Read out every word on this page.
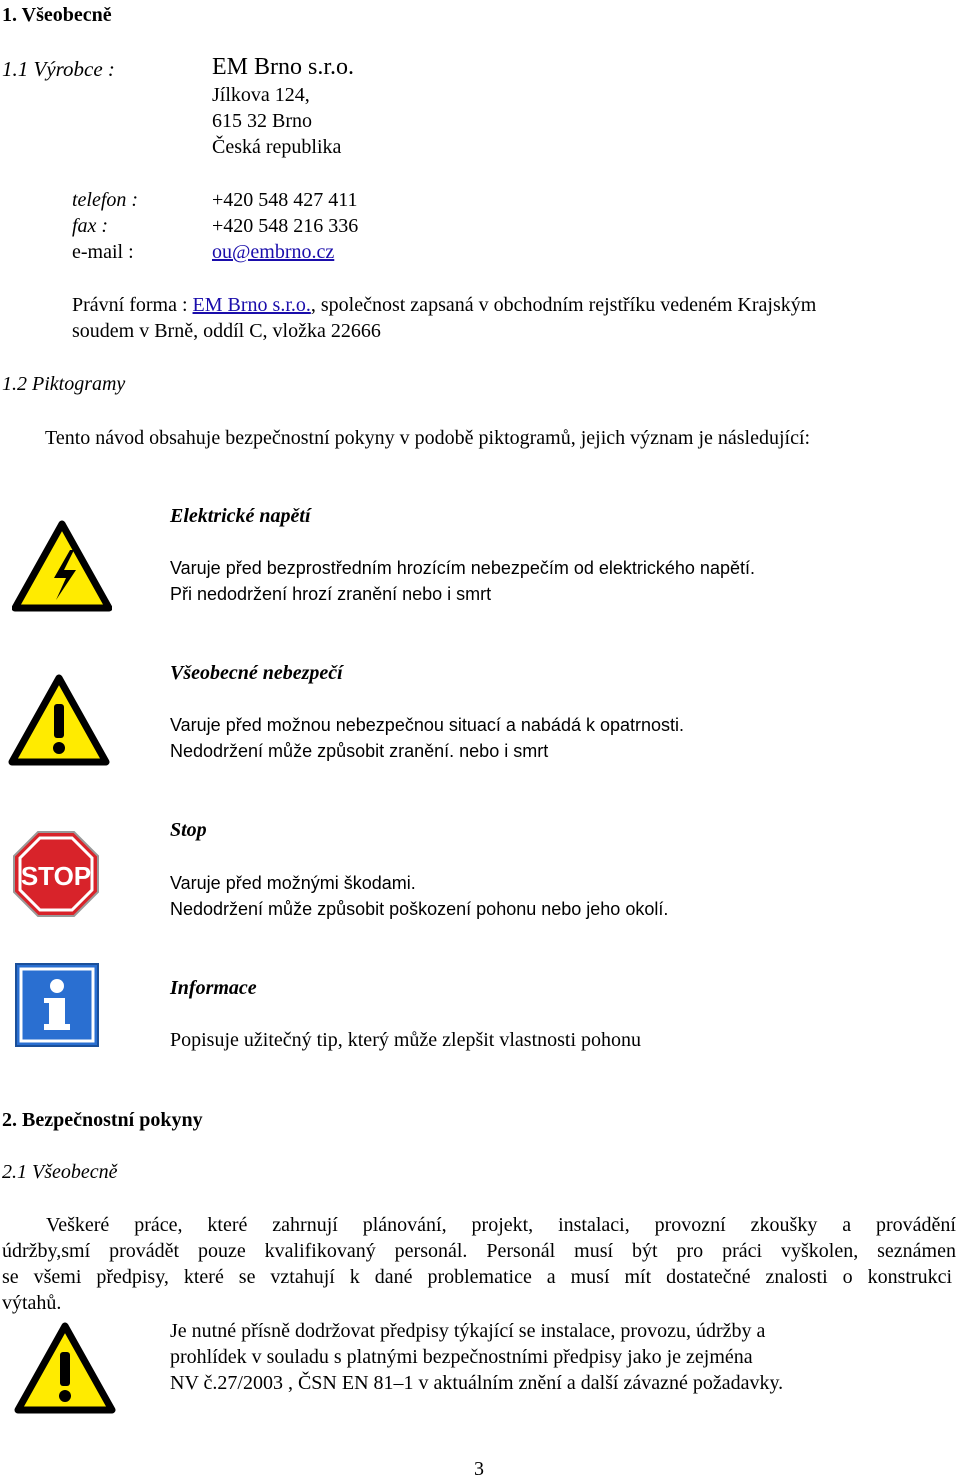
1. Všeobecně
1.1 Výrobce :	EM Brno s.r.o.
Jílkova 124,
615 32 Brno
Česká republika
telefon :	+420 548 427 411
fax :	+420 548 216 336
e-mail :	ou@embrno.cz
Právní forma : EM Brno s.r.o., společnost zapsaná v obchodním rejstříku vedeném Krajským
soudem v Brně, oddíl C, vložka 22666
1.2 Piktogramy
Tento návod obsahuje bezpečnostní pokyny v podobě piktogramů, jejich význam je následující:
Elektrické napětí
Varuje před bezprostředním hrozícím nebezpečím od elektrického napětí.
Při nedodržení hrozí zranění nebo i smrt
Všeobecné nebezpečí
Varuje před možnou nebezpečnou situací a nabádá k opatrnosti.
Nedodržení může způsobit zranění. nebo i smrt
STOP
Stop
Varuje před možnými škodami.
Nedodržení může způsobit poškození pohonu nebo jeho okolí.
Informace
Popisuje užitečný tip, který může zlepšit vlastnosti pohonu
2. Bezpečnostní pokyny
2.1 Všeobecně
Veškeré práce, které zahrnují plánování, projekt, instalaci, provozní zkoušky a provádění
údržby,smí provádět pouze kvalifikovaný personál. Personál musí být pro práci vyškolen, seznámen
se všemi předpisy, které se vztahují k dané problematice a musí mít dostatečné znalosti o konstrukci
výtahů.
Je nutné přísně dodržovat předpisy týkající se instalace, provozu, údržby a
prohlídek v souladu s platnými bezpečnostními předpisy jako je zejména
NV č.27/2003 , ČSN EN 81–1 v aktuálním znění a další závazné požadavky.
3
